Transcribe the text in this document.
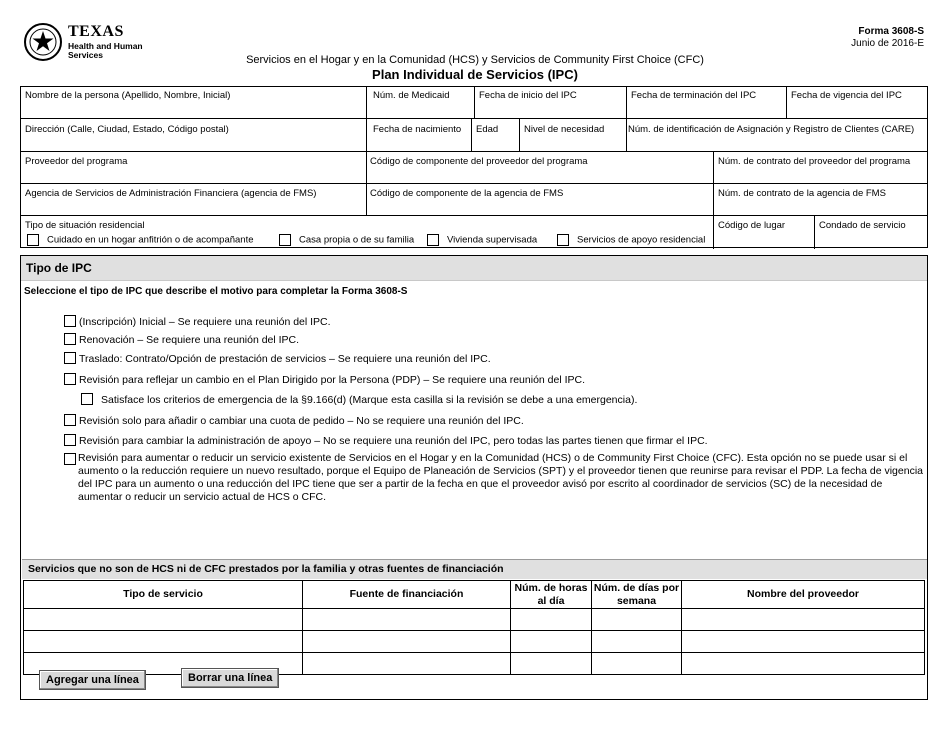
TEXAS
Health and Human
Services
Forma 3608-S
Junio de 2016-E
Servicios en el Hogar y en la Comunidad (HCS) y Servicios de Community First Choice (CFC)
Plan Individual de Servicios (IPC)
Nombre de la persona (Apellido, Nombre, Inicial)	Núm. de Medicaid	Fecha de inicio del IPC	Fecha de terminación del IPC	Fecha de vigencia del IPC
Dirección (Calle, Ciudad, Estado, Código postal)	Fecha de nacimiento	Edad	Nivel de necesidad	Núm. de identificación de Asignación y Registro de Clientes (CARE)
Proveedor del programa	Código de componente del proveedor del programa	Núm. de contrato del proveedor del programa
Agencia de Servicios de Administración Financiera (agencia de FMS)	Código de componente de la agencia de FMS	Núm. de contrato de la agencia de FMS
Tipo de situación residencial
Cuidado en un hogar anfitrión o de acompañante	Casa propia o de su familia	Vivienda supervisada	Servicios de apoyo residencial
Código de lugar	Condado de servicio
Tipo de IPC
Seleccione el tipo de IPC que describe el motivo para completar la Forma 3608-S
(Inscripción) Inicial – Se requiere una reunión del IPC.
Renovación – Se requiere una reunión del IPC.
Traslado: Contrato/Opción de prestación de servicios – Se requiere una reunión del IPC.
Revisión para reflejar un cambio en el Plan Dirigido por la Persona (PDP) – Se requiere una reunión del IPC.
Satisface los criterios de emergencia de la §9.166(d) (Marque esta casilla si la revisión se debe a una emergencia).
Revisión solo para añadir o cambiar una cuota de pedido – No se requiere una reunión del IPC.
Revisión para cambiar la administración de apoyo – No se requiere una reunión del IPC, pero todas las partes tienen que firmar el IPC.
Revisión para aumentar o reducir un servicio existente de Servicios en el Hogar y en la Comunidad (HCS) o de Community First Choice (CFC). Esta opción no se puede usar si el aumento o la reducción requiere un nuevo resultado, porque el Equipo de Planeación de Servicios (SPT) y el proveedor tienen que reunirse para revisar el PDP. La fecha de vigencia del IPC para un aumento o una reducción del IPC tiene que ser a partir de la fecha en que el proveedor avisó por escrito al coordinador de servicios (SC) de la necesidad de aumentar o reducir un servicio actual de HCS o CFC.
Servicios que no son de HCS ni de CFC prestados por la familia y otras fuentes de financiación
Tipo de servicio	Fuente de financiación	Núm. de horas al día	Núm. de días por semana	Nombre del proveedor

Agregar una línea	Borrar una línea
